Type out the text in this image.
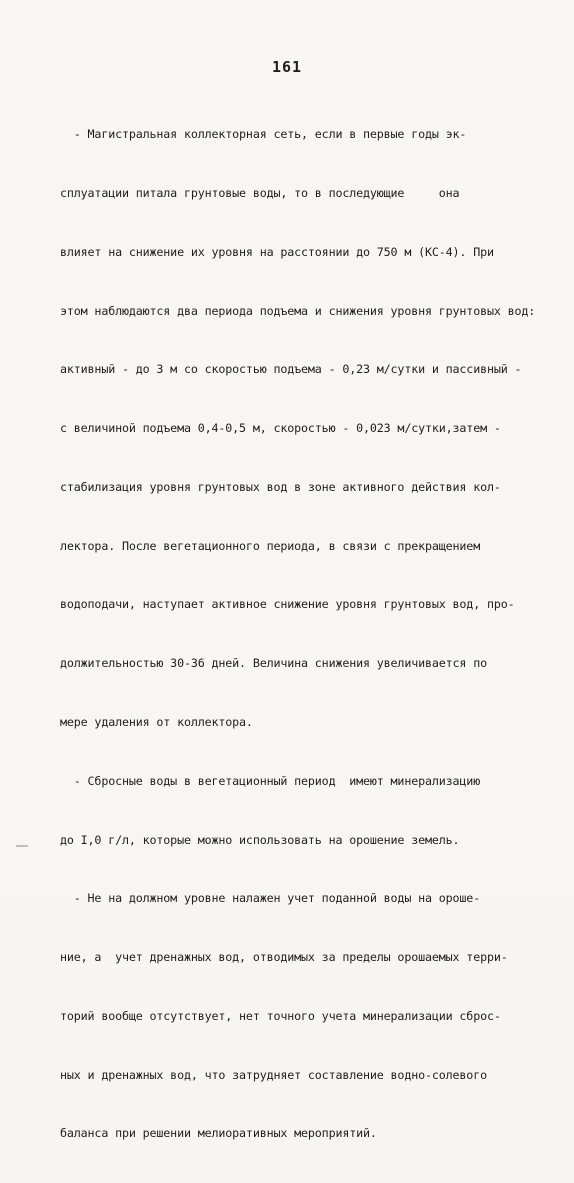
161

- Магистральная коллекторная сеть, если в первые годы эк-

сплуатации питала грунтовые воды, то в последующие     она

влияет на снижение их уровня на расстоянии до 750 м (КС-4). При

этом наблюдаются два периода подъема и снижения уровня грунтовых вод:

активный - до 3 м со скоростью подъема - 0,23 м/сутки и пассивный -

с величиной подъема 0,4-0,5 м, скоростью - 0,023 м/сутки,затем -

стабилизация уровня грунтовых вод в зоне активного действия кол-

лектора. После вегетационного периода, в связи с прекращением

водоподачи, наступает активное снижение уровня грунтовых вод, про-

должительностью 30-36 дней. Величина снижения увеличивается по

мере удаления от коллектора.

- Сбросные воды в вегетационный период  имеют минерализацию

до I,0 г/л, которые можно использовать на орошение земель.

- Не на должном уровне налажен учет поданной воды на ороше-

ние, а  учет дренажных вод, отводимых за пределы орошаемых терри-

торий вообще отсутствует, нет точного учета минерализации сброс-

ных и дренажных вод, что затрудняет составление водно-солевого

баланса при решении мелиоративных мероприятий.
